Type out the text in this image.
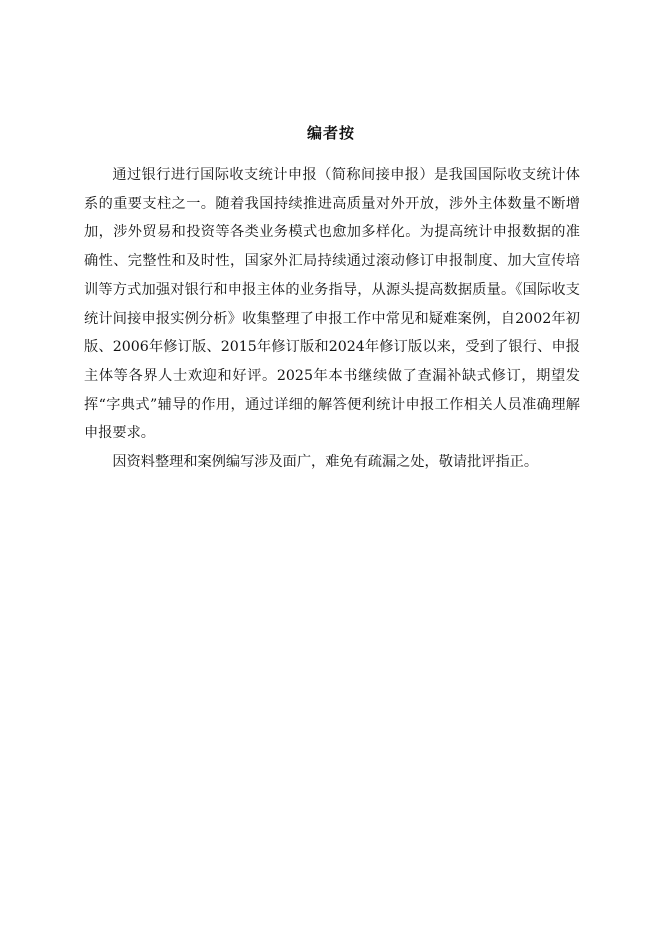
编者按

通过银行进行国际收支统计申报（简称间接申报）是我国国际收支统计体系的重要支柱之一。随着我国持续推进高质量对外开放，涉外主体数量不断增加，涉外贸易和投资等各类业务模式也愈加多样化。为提高统计申报数据的准确性、完整性和及时性，国家外汇局持续通过滚动修订申报制度、加大宣传培训等方式加强对银行和申报主体的业务指导，从源头提高数据质量。《国际收支统计间接申报实例分析》收集整理了申报工作中常见和疑难案例，自2002年初版、2006年修订版、2015年修订版和2024年修订版以来，受到了银行、申报主体等各界人士欢迎和好评。2025年本书继续做了查漏补缺式修订，期望发挥“字典式”辅导的作用，通过详细的解答便利统计申报工作相关人员准确理解申报要求。

因资料整理和案例编写涉及面广，难免有疏漏之处，敬请批评指正。
